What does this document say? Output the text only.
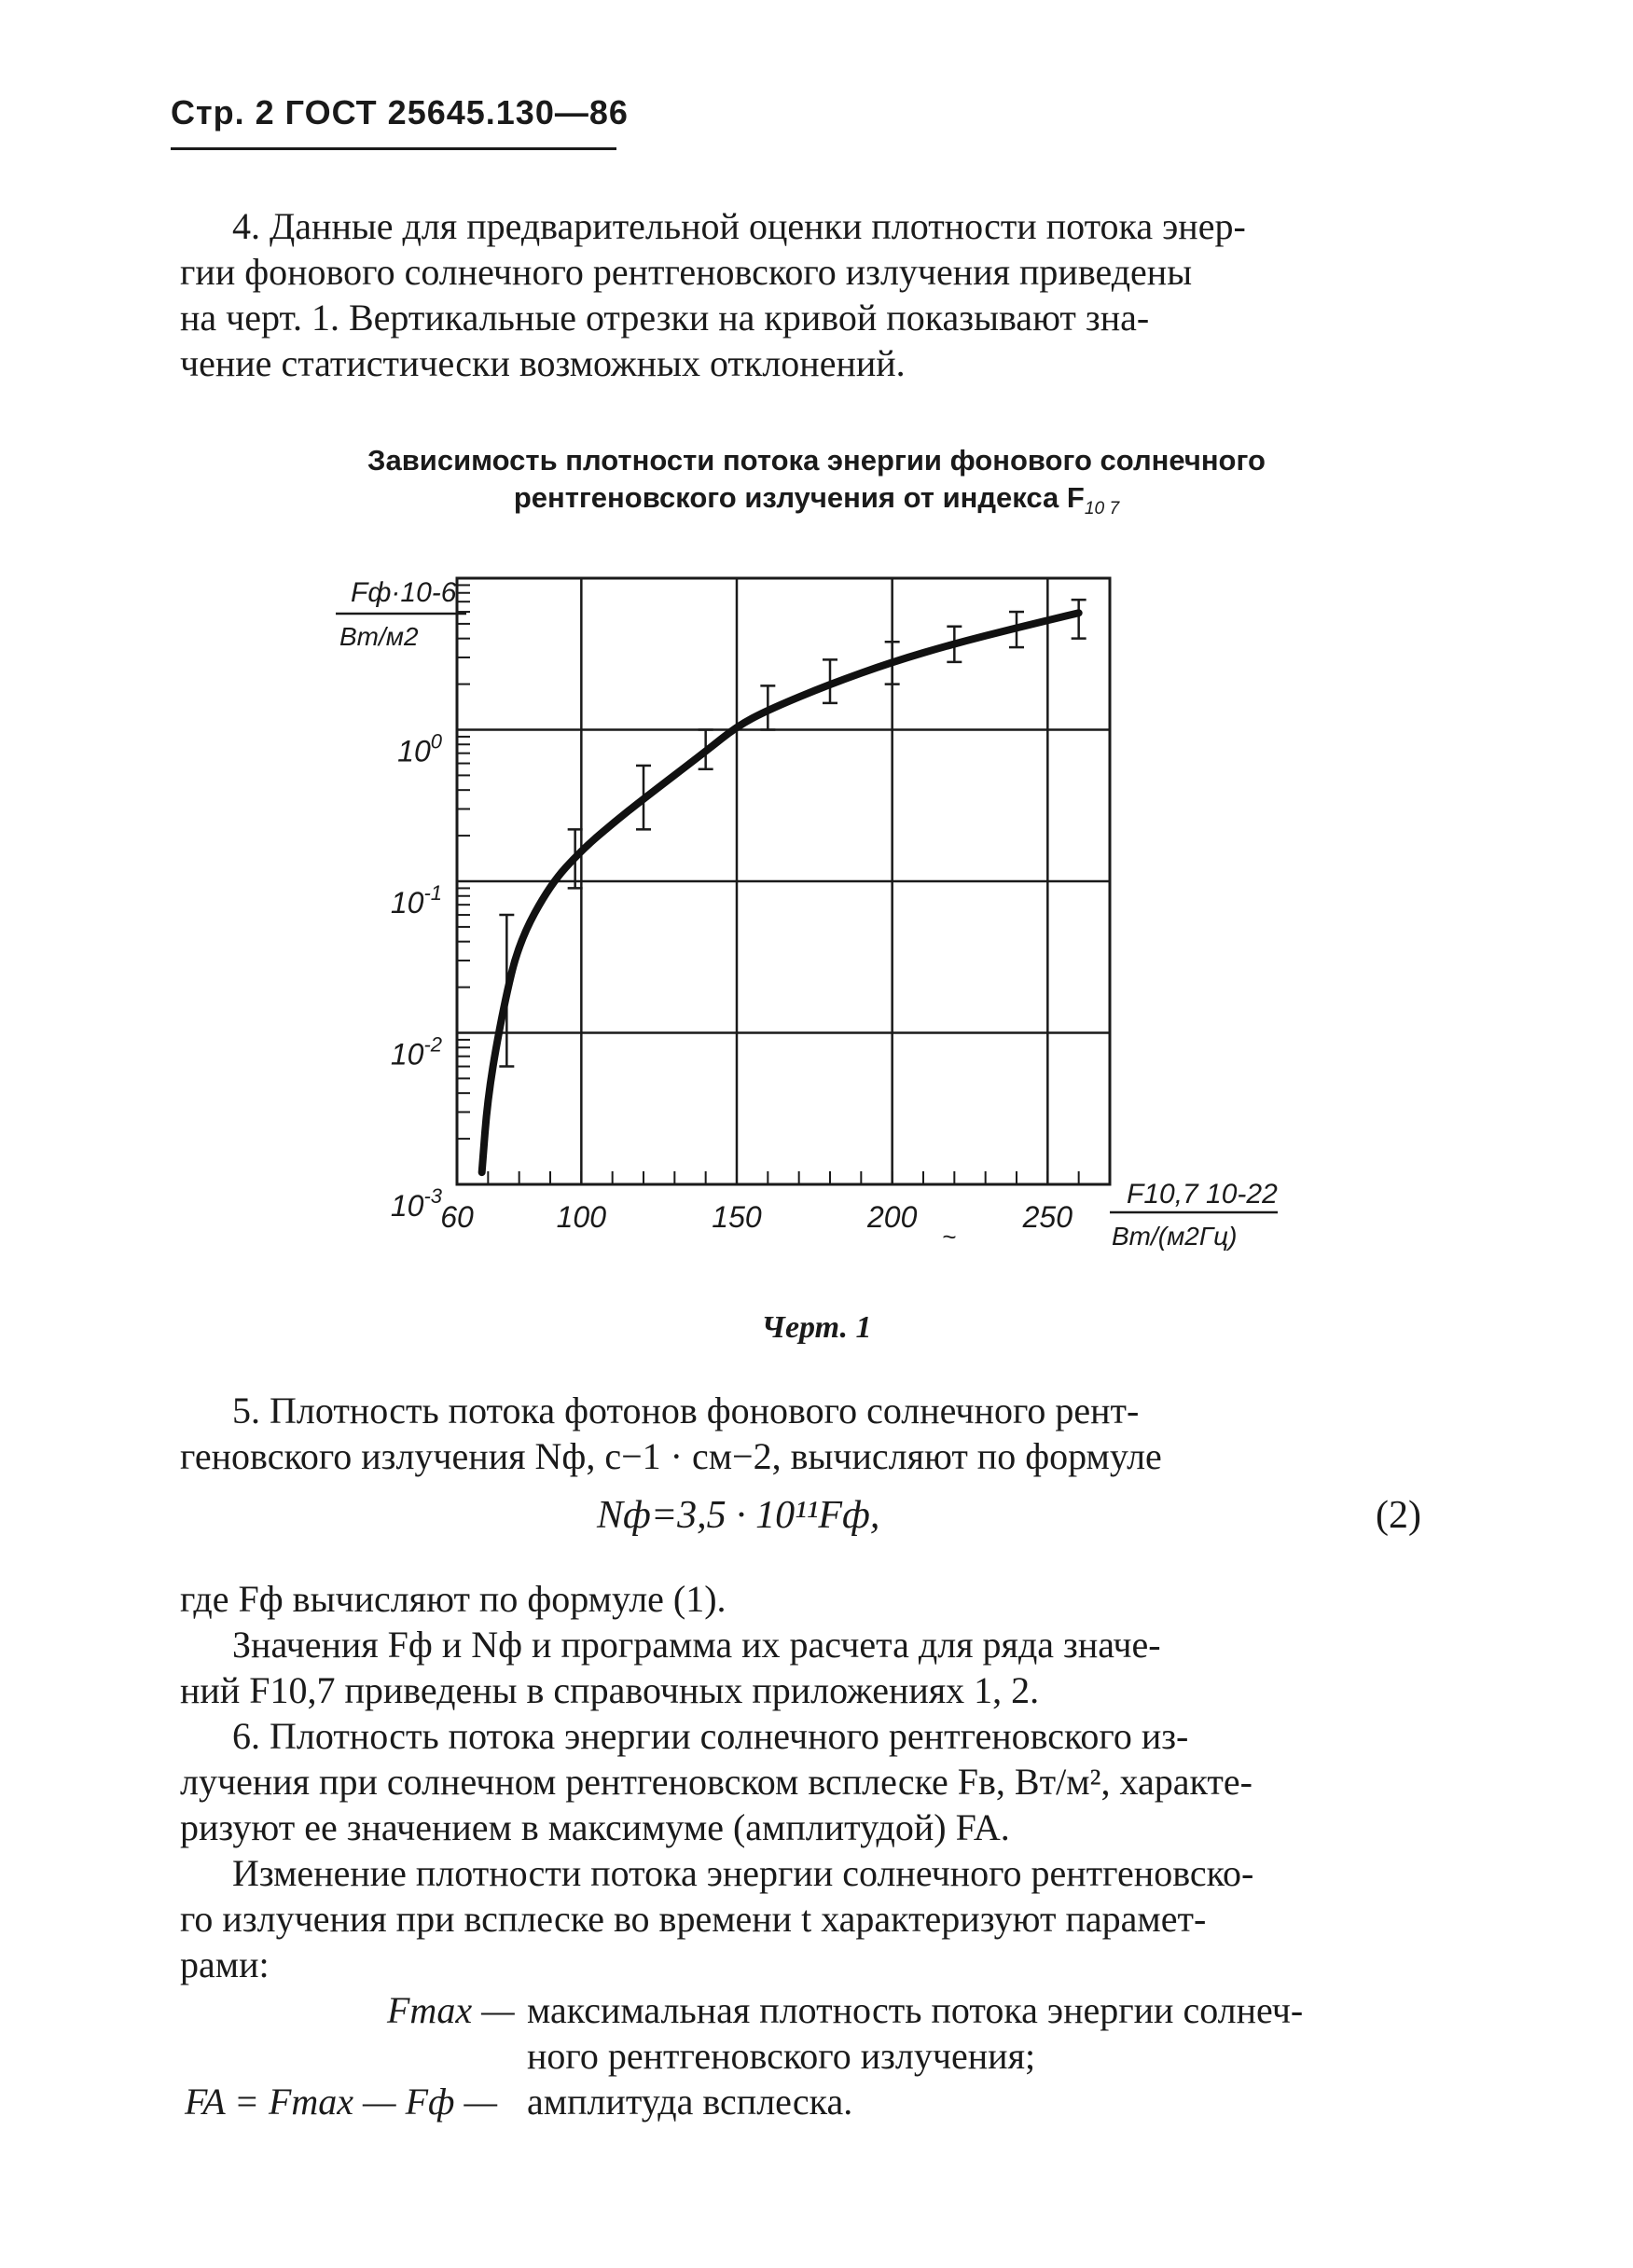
Стр. 2 ГОСТ 25645.130—86
4. Данные для предварительной оценки плотности потока энер-
гии фонового солнечного рентгеновского излучения приведены
на черт. 1. Вертикальные отрезки на кривой показывают зна-
чение статистически возможных отклонений.
Зависимость плотности потока энергии фонового солнечного
рентгеновского излучения от индекса $F_{10 7}$
60	100	150	200	250
$10^{-3}$
$10^{-2}$
$10^{-1}$
$10^0$
Fф·10-6
Вт/м2
F10,7 10-22
Вт/(м2Гц)
~
Черт. 1
5. Плотность потока фотонов фонового солнечного рент-
геновского излучения Nф, с−1 · см−2, вычисляют по формуле
Nф=3,5 · 10¹¹Fф,	(2)
где Fф вычисляют по формуле (1).
Значения Fф и Nф и программа их расчета для ряда значе-
ний F10,7 приведены в справочных приложениях 1, 2.
6. Плотность потока энергии солнечного рентгеновского из-
лучения при солнечном рентгеновском всплеске Fв, Вт/м², характе-
ризуют ее значением в максимуме (амплитудой) FA.
Изменение плотности потока энергии солнечного рентгеновско-
го излучения при всплеске во времени t характеризуют парамет-
рами:
Fmax — максимальная плотность потока энергии солнеч-
ного рентгеновского излучения;
FA = Fmax — Fф — амплитуда всплеска.
